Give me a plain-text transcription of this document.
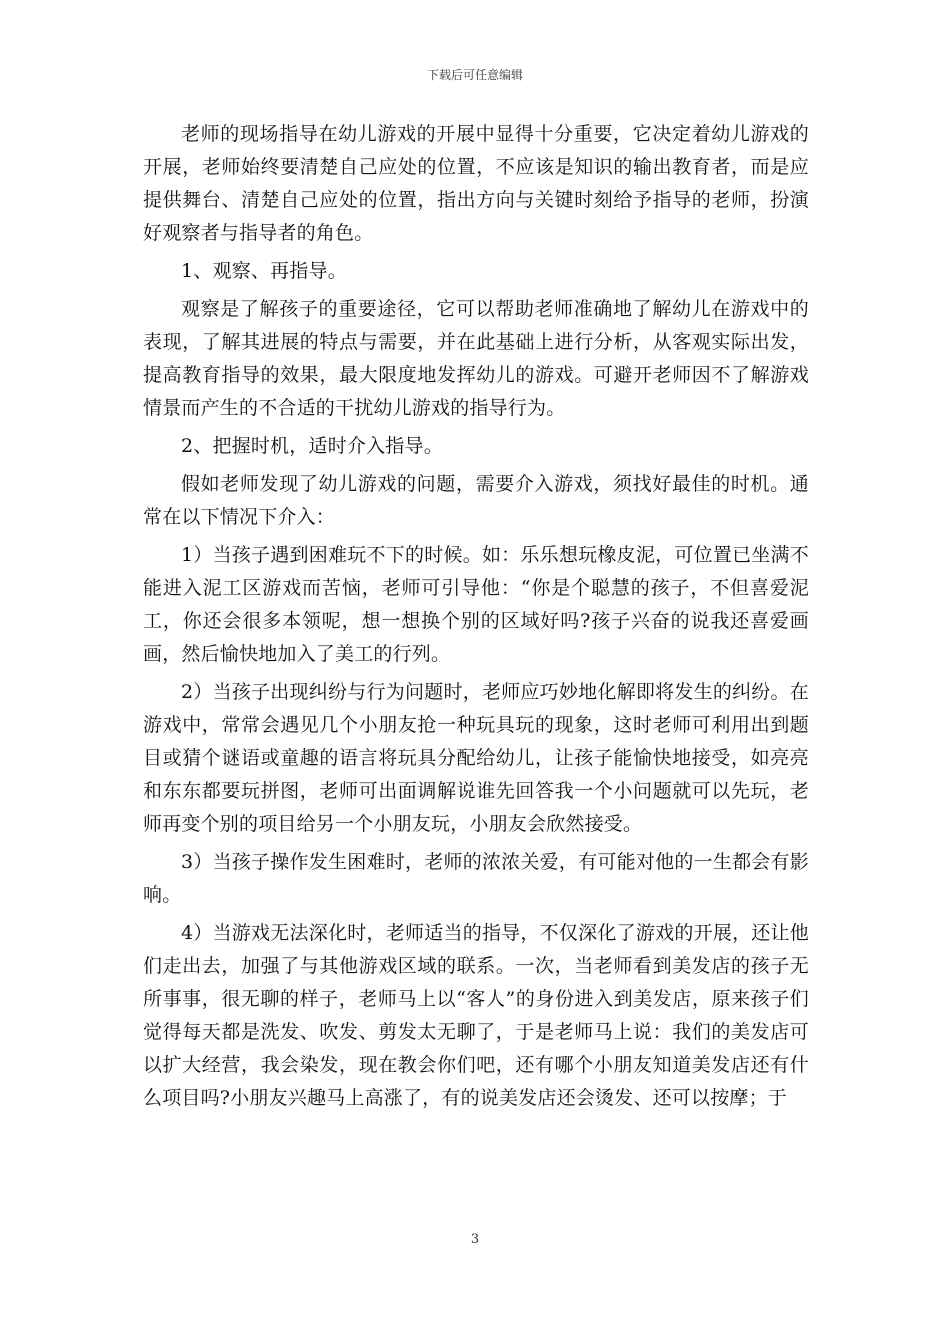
下载后可任意编辑

老师的现场指导在幼儿游戏的开展中显得十分重要，它决定着幼儿游戏的开展，老师始终要清楚自己应处的位置，不应该是知识的输出教育者，而是应提供舞台、清楚自己应处的位置，指出方向与关键时刻给予指导的老师，扮演好观察者与指导者的角色。

1、观察、再指导。

观察是了解孩子的重要途径，它可以帮助老师准确地了解幼儿在游戏中的表现，了解其进展的特点与需要，并在此基础上进行分析，从客观实际出发，提高教育指导的效果，最大限度地发挥幼儿的游戏。可避开老师因不了解游戏情景而产生的不合适的干扰幼儿游戏的指导行为。

2、把握时机，适时介入指导。

假如老师发现了幼儿游戏的问题，需要介入游戏，须找好最佳的时机。通常在以下情况下介入：

1）当孩子遇到困难玩不下的时候。如：乐乐想玩橡皮泥，可位置已坐满不能进入泥工区游戏而苦恼，老师可引导他：“你是个聪慧的孩子，不但喜爱泥工，你还会很多本领呢，想一想换个别的区域好吗?孩子兴奋的说我还喜爱画画，然后愉快地加入了美工的行列。

2）当孩子出现纠纷与行为问题时，老师应巧妙地化解即将发生的纠纷。在游戏中，常常会遇见几个小朋友抢一种玩具玩的现象，这时老师可利用出到题目或猜个谜语或童趣的语言将玩具分配给幼儿，让孩子能愉快地接受，如亮亮和东东都要玩拼图，老师可出面调解说谁先回答我一个小问题就可以先玩，老师再变个别的项目给另一个小朋友玩，小朋友会欣然接受。

3）当孩子操作发生困难时，老师的浓浓关爱，有可能对他的一生都会有影响。

4）当游戏无法深化时，老师适当的指导，不仅深化了游戏的开展，还让他们走出去，加强了与其他游戏区域的联系。一次，当老师看到美发店的孩子无所事事，很无聊的样子，老师马上以“客人”的身份进入到美发店，原来孩子们觉得每天都是洗发、吹发、剪发太无聊了，于是老师马上说：我们的美发店可以扩大经营，我会染发，现在教会你们吧，还有哪个小朋友知道美发店还有什么项目吗?小朋友兴趣马上高涨了，有的说美发店还会烫发、还可以按摩；于

3
